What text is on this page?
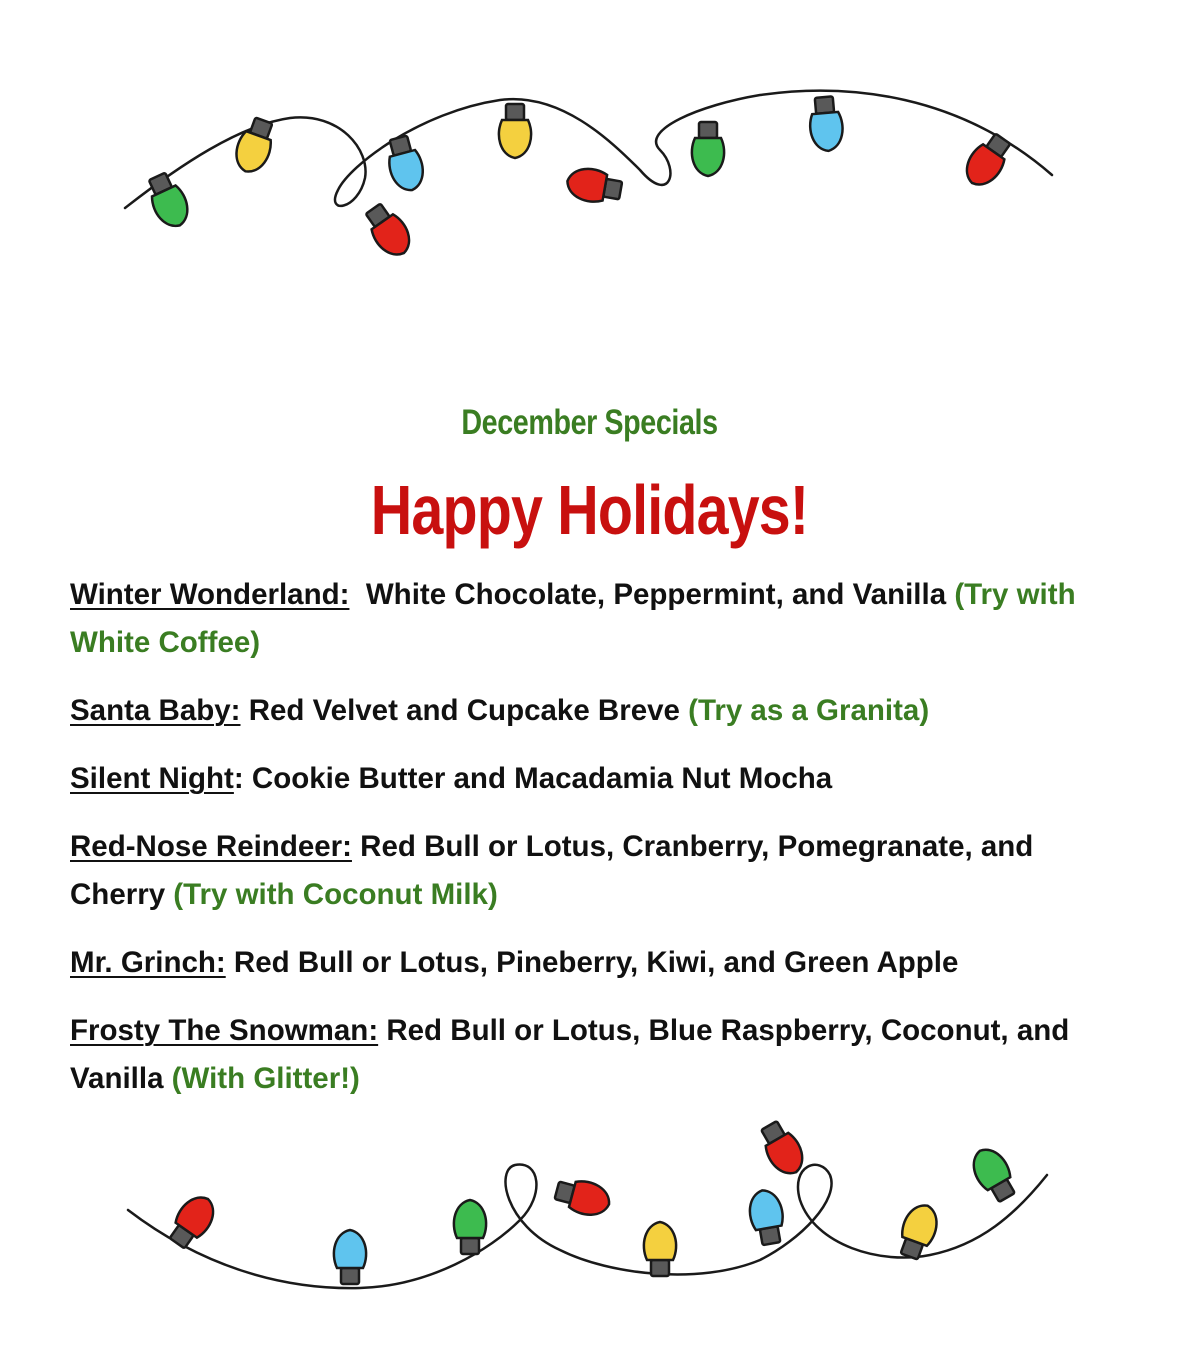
December Specials
Happy Holidays!

Winter Wonderland: White Chocolate, Peppermint, and Vanilla (Try with White Coffee)

Santa Baby: Red Velvet and Cupcake Breve (Try as a Granita)

Silent Night: Cookie Butter and Macadamia Nut Mocha

Red-Nose Reindeer: Red Bull or Lotus, Cranberry, Pomegranate, and Cherry (Try with Coconut Milk)

Mr. Grinch: Red Bull or Lotus, Pineberry, Kiwi, and Green Apple

Frosty The Snowman: Red Bull or Lotus, Blue Raspberry, Coconut, and Vanilla (With Glitter!)
